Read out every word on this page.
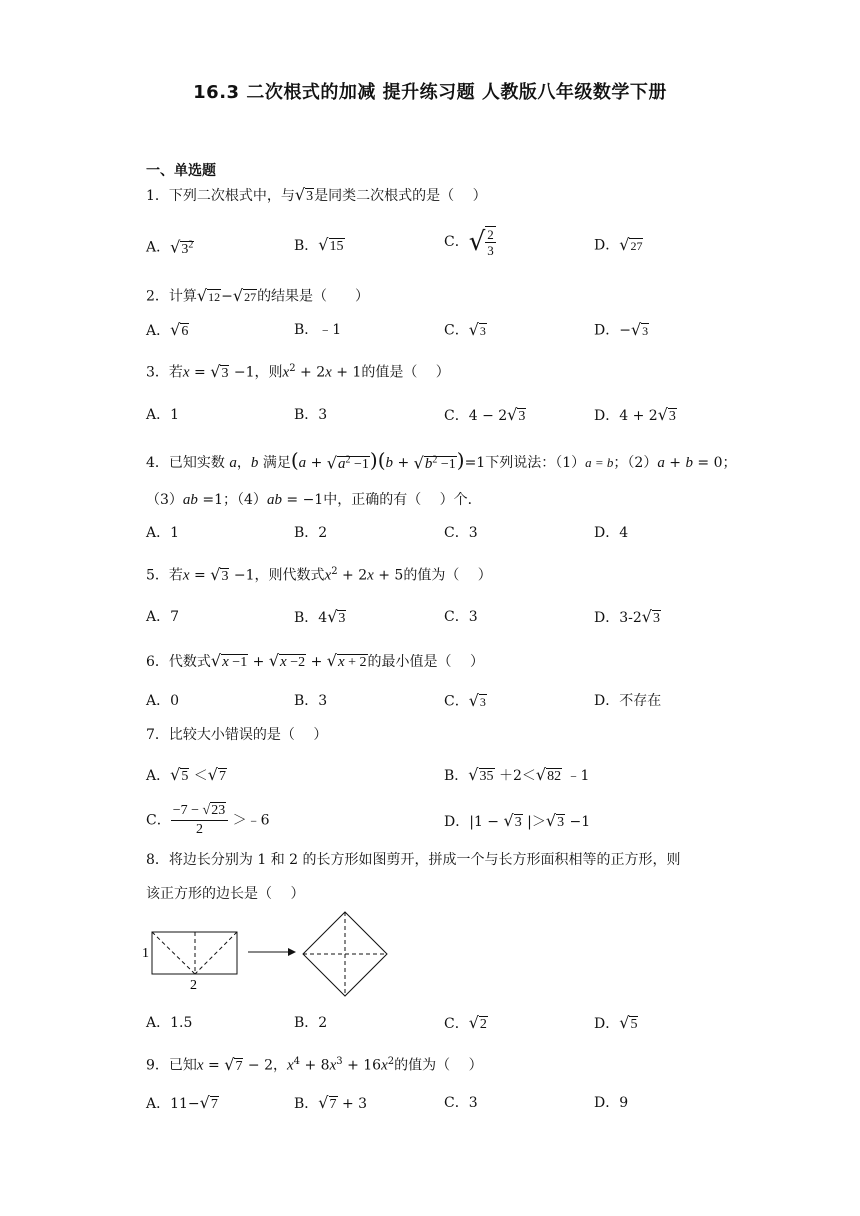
16.3 二次根式的加减 提升练习题 人教版八年级数学下册
一、单选题
1．下列二次根式中，与√3是同类二次根式的是（　 ）
A．$√3^2$	B．√15	C．√ $\frac{2}{3}$	D．√27
2．计算√12−√27的结果是（　　）
A．√6	B．﹣1	C．√3	D．−√3
3．若x = √3 −1，则$x^2 + 2x + 1$的值是（　 ）
A．1	B．3	C．4 − 2√3	D．4 + 2√3
4．已知实数 a，b 满足$(a + √a^2 -1)(b + √b^2 -1)=1$下列说法：（1）a = b；（2）a + b = 0；
（3）ab =1；（4）ab = −1中，正确的有（　 ）个．
A．1	B．2	C．3	D．4
5．若x = √3 −1，则代数式$x^2 + 2x + 5$的值为（　 ）
A．7	B．4√3	C．3	D．3-2√3
6．代数式√x −1 + √x −2 + √x + 2的最小值是（　 ）
A．0	B．3	C．√3	D．不存在
7．比较大小错误的是（　 ）
A．√5 ＜√7	B．√35 ＋2＜√82 ﹣1
C． $\frac{-7 - √23}{2}$ ＞﹣6	D．|1 − √3 |＞√3 −1
8．将边长分别为 1 和 2 的长方形如图剪开，拼成一个与长方形面积相等的正方形，则
该正方形的边长是（　 ）
1
2
A．1.5	B．2	C．√2	D．√5
9．已知x = √7 − 2，$x^4 + 8x^3 + 16x^2$的值为（　 ）
A．11−√7	B．√7 + 3	C．3	D．9
